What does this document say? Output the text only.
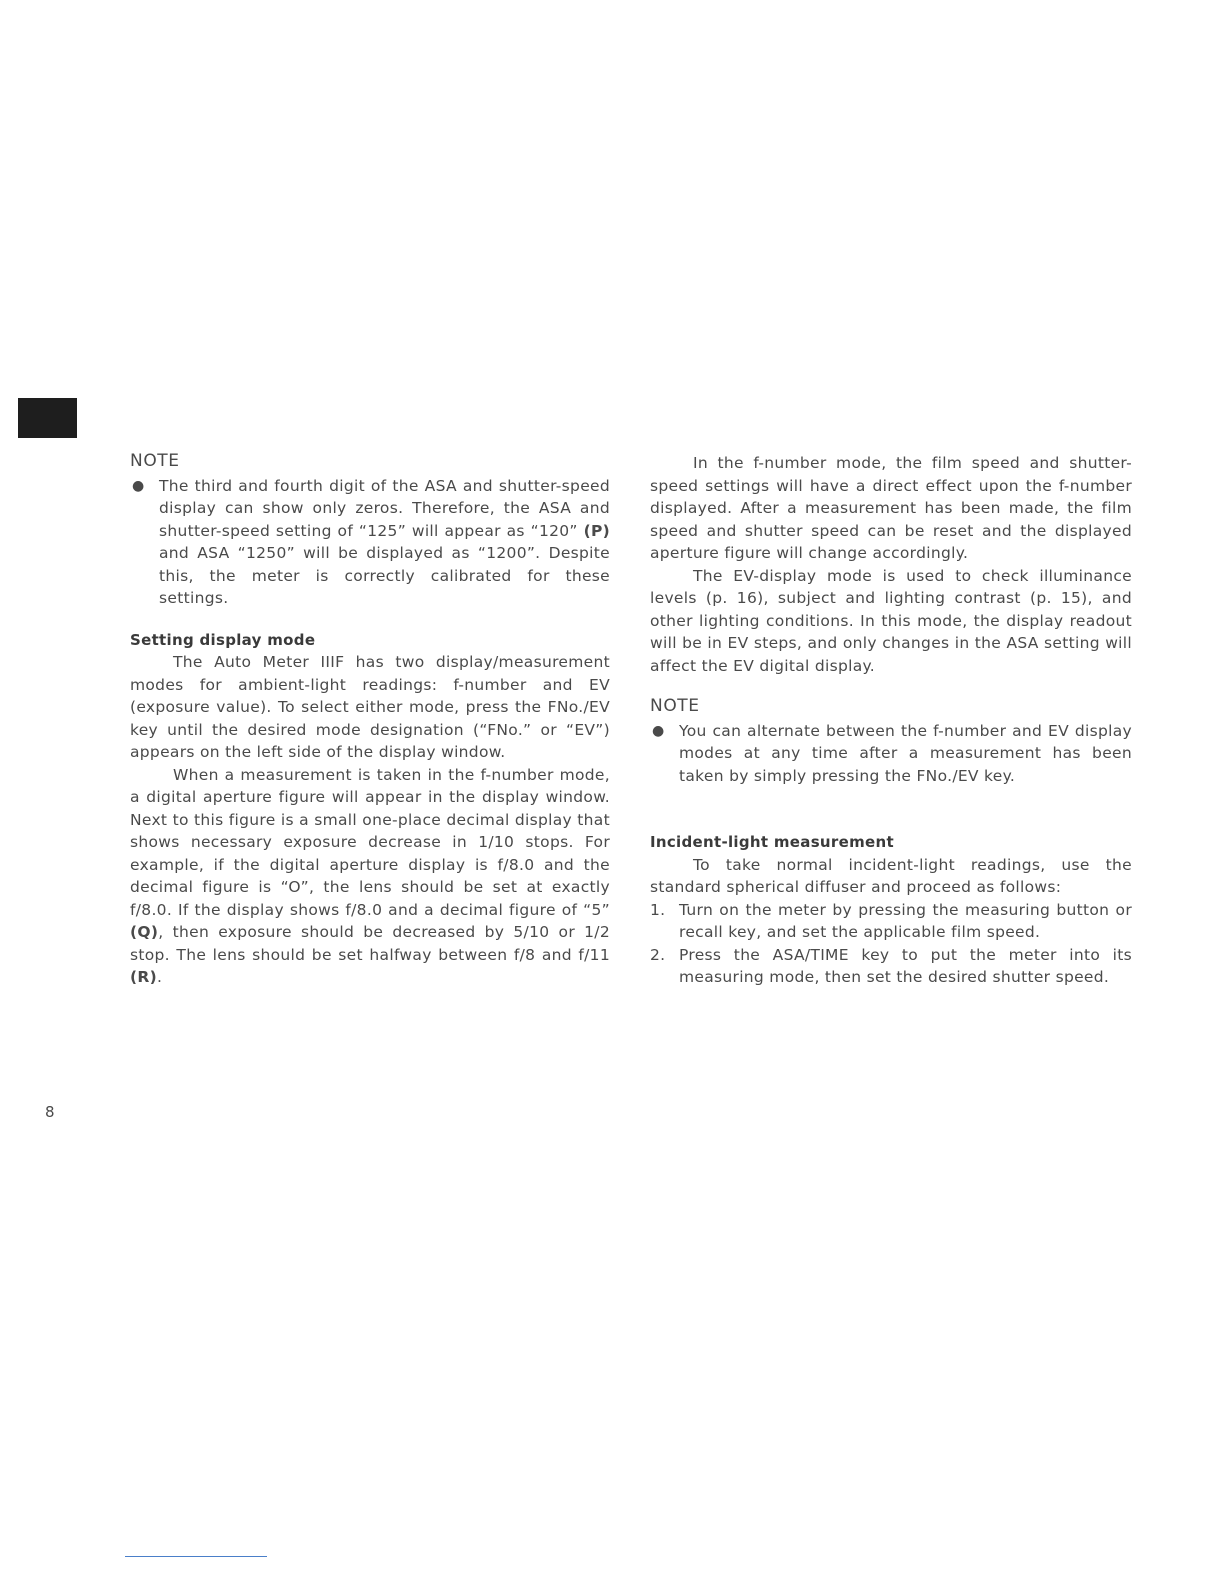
NOTE

● The third and fourth digit of the ASA and shutter-speed display can show only zeros. Therefore, the ASA and shutter-speed setting of “125” will appear as “120” (P) and ASA “1250” will be displayed as “1200”. Despite this, the meter is correctly calibrated for these settings.

Setting display mode

The Auto Meter IIIF has two display/measurement modes for ambient-light readings: f-number and EV (exposure value). To select either mode, press the FNo./EV key until the desired mode designation (“FNo.” or “EV”) appears on the left side of the display window.

When a measurement is taken in the f-number mode, a digital aperture figure will appear in the display window. Next to this figure is a small one-place decimal display that shows necessary exposure decrease in 1/10 stops. For example, if the digital aperture display is f/8.0 and the decimal figure is “O”, the lens should be set at exactly f/8.0. If the display shows f/8.0 and a decimal figure of “5” (Q), then exposure should be decreased by 5/10 or 1/2 stop. The lens should be set halfway between f/8 and f/11 (R).

In the f-number mode, the film speed and shutter-speed settings will have a direct effect upon the f-number displayed. After a measurement has been made, the film speed and shutter speed can be reset and the displayed aperture figure will change accordingly.

The EV-display mode is used to check illuminance levels (p. 16), subject and lighting contrast (p. 15), and other lighting conditions. In this mode, the display readout will be in EV steps, and only changes in the ASA setting will affect the EV digital display.

NOTE

● You can alternate between the f-number and EV display modes at any time after a measurement has been taken by simply pressing the FNo./EV key.

Incident-light measurement

To take normal incident-light readings, use the standard spherical diffuser and proceed as follows:

1. Turn on the meter by pressing the measuring button or recall key, and set the applicable film speed.

2. Press the ASA/TIME key to put the meter into its measuring mode, then set the desired shutter speed.

8
